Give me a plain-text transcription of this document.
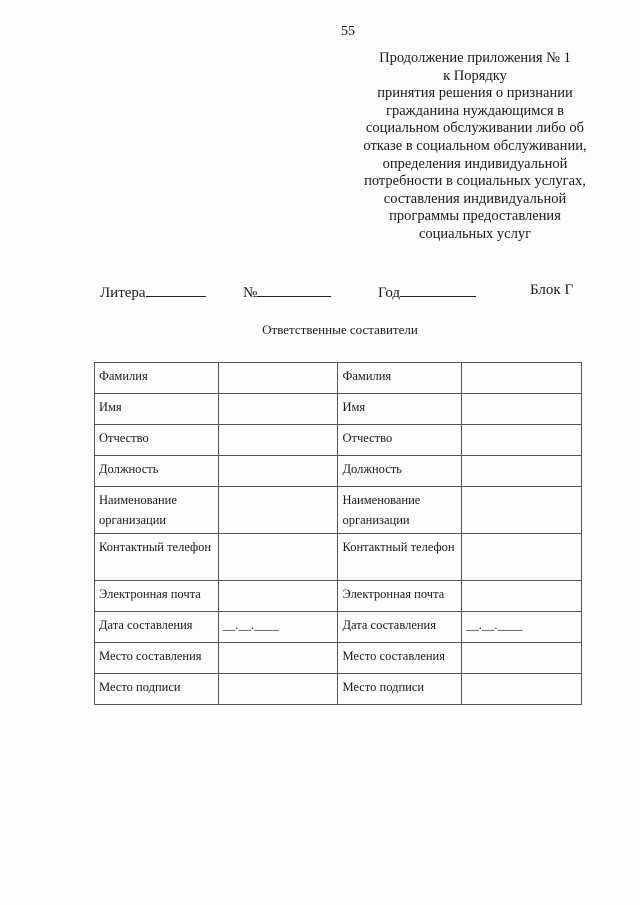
55
Продолжение приложения № 1
к Порядку
принятия решения о признании
гражданина нуждающимся в
социальном обслуживании либо об
отказе в социальном обслуживании,
определения индивидуальной
потребности в социальных услугах,
составления индивидуальной
программы предоставления
социальных услуг
Литера	№	Год	Блок Г
Ответственные составители
Фамилия		Фамилия	
Имя		Имя	
Отчество		Отчество	
Должность		Должность	
Наименование организации		Наименование организации	
Контактный телефон		Контактный телефон	
Электронная почта		Электронная почта	
Дата составления	__.__.____	Дата составления	__.__.____
Место составления		Место составления	
Место подписи		Место подписи	
